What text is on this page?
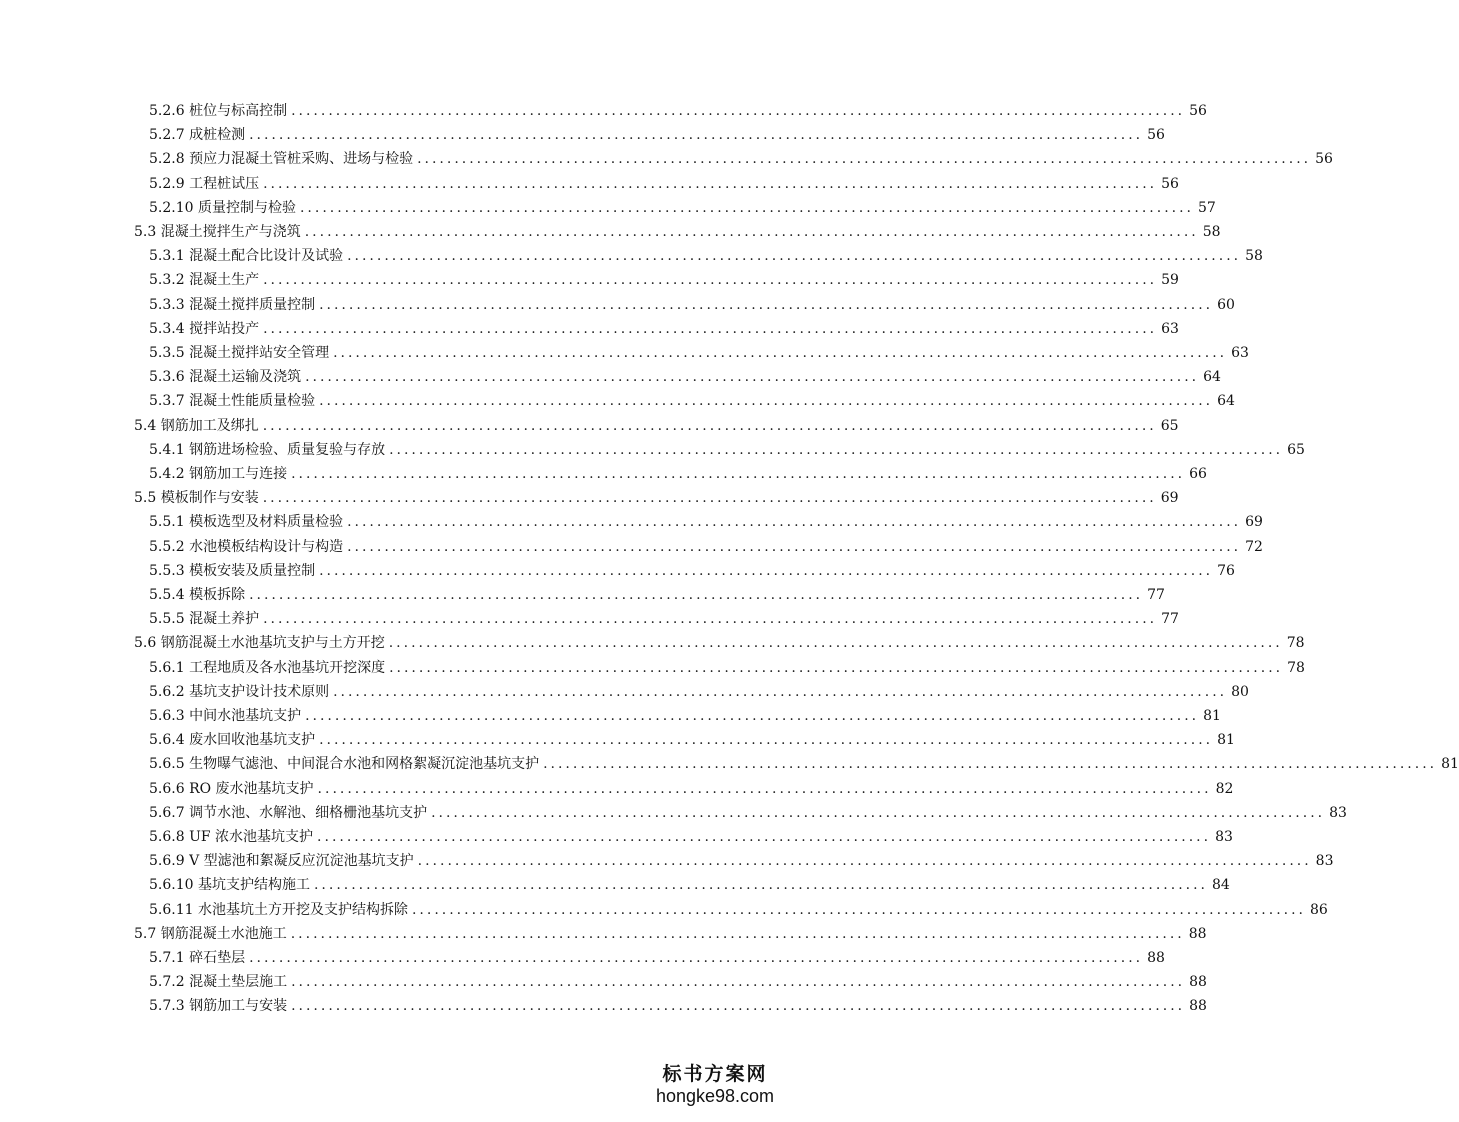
5.2.6 桩位与标高控制 ........................................................................................................................ 56
5.2.7 成桩检测 ........................................................................................................................ 56
5.2.8 预应力混凝土管桩采购、进场与检验 ........................................................................................................................ 56
5.2.9 工程桩试压 ........................................................................................................................ 56
5.2.10 质量控制与检验 ........................................................................................................................ 57
5.3 混凝土搅拌生产与浇筑 ........................................................................................................................ 58
5.3.1 混凝土配合比设计及试验 ........................................................................................................................ 58
5.3.2 混凝土生产 ........................................................................................................................ 59
5.3.3 混凝土搅拌质量控制 ........................................................................................................................ 60
5.3.4 搅拌站投产 ........................................................................................................................ 63
5.3.5 混凝土搅拌站安全管理 ........................................................................................................................ 63
5.3.6 混凝土运输及浇筑 ........................................................................................................................ 64
5.3.7 混凝土性能质量检验 ........................................................................................................................ 64
5.4 钢筋加工及绑扎 ........................................................................................................................ 65
5.4.1 钢筋进场检验、质量复验与存放 ........................................................................................................................ 65
5.4.2 钢筋加工与连接 ........................................................................................................................ 66
5.5 模板制作与安装 ........................................................................................................................ 69
5.5.1 模板选型及材料质量检验 ........................................................................................................................ 69
5.5.2 水池模板结构设计与构造 ........................................................................................................................ 72
5.5.3 模板安装及质量控制 ........................................................................................................................ 76
5.5.4 模板拆除 ........................................................................................................................ 77
5.5.5 混凝土养护 ........................................................................................................................ 77
5.6 钢筋混凝土水池基坑支护与土方开挖 ........................................................................................................................ 78
5.6.1 工程地质及各水池基坑开挖深度 ........................................................................................................................ 78
5.6.2 基坑支护设计技术原则 ........................................................................................................................ 80
5.6.3 中间水池基坑支护 ........................................................................................................................ 81
5.6.4 废水回收池基坑支护 ........................................................................................................................ 81
5.6.5 生物曝气滤池、中间混合水池和网格絮凝沉淀池基坑支护 ........................................................................................................................ 81
5.6.6 RO 废水池基坑支护 ........................................................................................................................ 82
5.6.7 调节水池、水解池、细格栅池基坑支护 ........................................................................................................................ 83
5.6.8 UF 浓水池基坑支护 ........................................................................................................................ 83
5.6.9 V 型滤池和絮凝反应沉淀池基坑支护 ........................................................................................................................ 83
5.6.10 基坑支护结构施工 ........................................................................................................................ 84
5.6.11 水池基坑土方开挖及支护结构拆除 ........................................................................................................................ 86
5.7 钢筋混凝土水池施工 ........................................................................................................................ 88
5.7.1 碎石垫层 ........................................................................................................................ 88
5.7.2 混凝土垫层施工 ........................................................................................................................ 88
5.7.3 钢筋加工与安装 ........................................................................................................................ 88
标书方案网
hongke98.com
